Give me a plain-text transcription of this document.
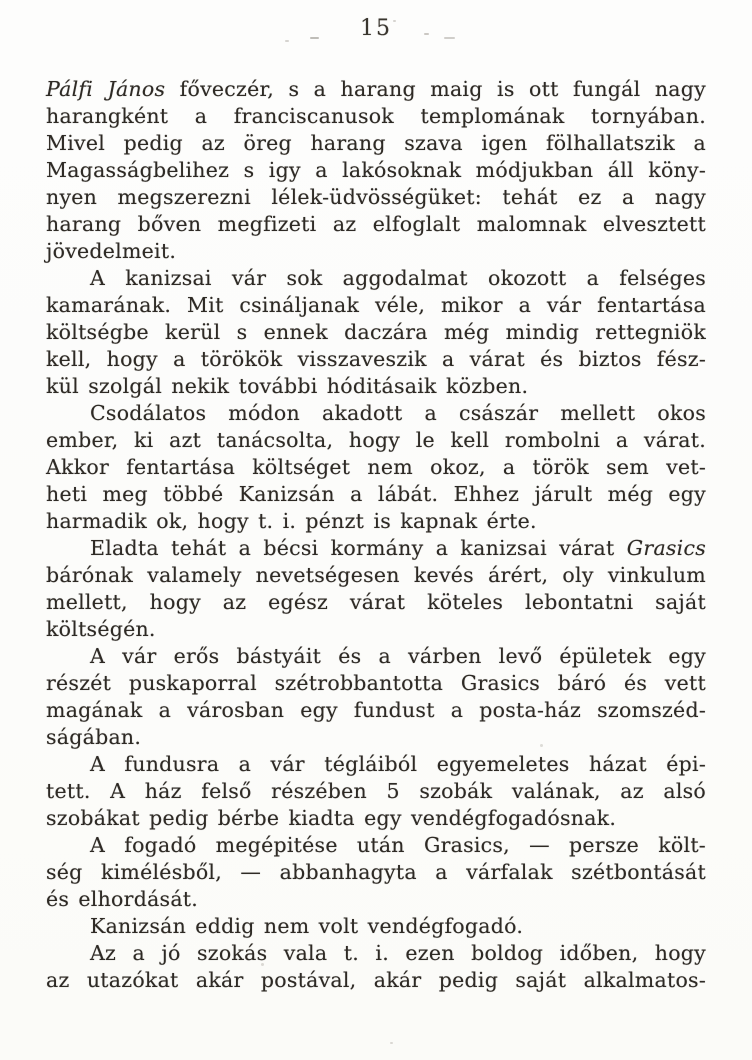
15
Pálfi János főveczér, s a harang maig is ott fungál nagy
harangként a franciscanusok templomának tornyában.
Mivel pedig az öreg harang szava igen fölhallatszik a
Magasságbelihez s igy a lakósoknak módjukban áll köny-
nyen megszerezni lélek-üdvösségüket: tehát ez a nagy
harang bőven megfizeti az elfoglalt malomnak elvesztett
jövedelmeit.
A kanizsai vár sok aggodalmat okozott a felséges
kamarának. Mit csináljanak véle, mikor a vár fentartása
költségbe kerül s ennek daczára még mindig rettegniök
kell, hogy a törökök visszaveszik a várat és biztos fész-
kül szolgál nekik további hóditásaik közben.
Csodálatos módon akadott a császár mellett okos
ember, ki azt tanácsolta, hogy le kell rombolni a várat.
Akkor fentartása költséget nem okoz, a török sem vet-
heti meg többé Kanizsán a lábát. Ehhez járult még egy
harmadik ok, hogy t. i. pénzt is kapnak érte.
Eladta tehát a bécsi kormány a kanizsai várat Grasics
bárónak valamely nevetségesen kevés árért, oly vinkulum
mellett, hogy az egész várat köteles lebontatni saját
költségén.
A vár erős bástyáit és a várben levő épületek egy
részét puskaporral szétrobbantotta Grasics báró és vett
magának a városban egy fundust a posta-ház szomszéd-
ságában.
A fundusra a vár tégláiból egyemeletes házat épi-
tett. A ház felső részében 5 szobák valának, az alsó
szobákat pedig bérbe kiadta egy vendégfogadósnak.
A fogadó megépitése után Grasics, — persze költ-
ség kimélésből, — abbanhagyta a várfalak szétbontását
és elhordását.
Kanizsán eddig nem volt vendégfogadó.
Az a jó szokás vala t. i. ezen boldog időben, hogy
az utazókat akár postával, akár pedig saját alkalmatos-
